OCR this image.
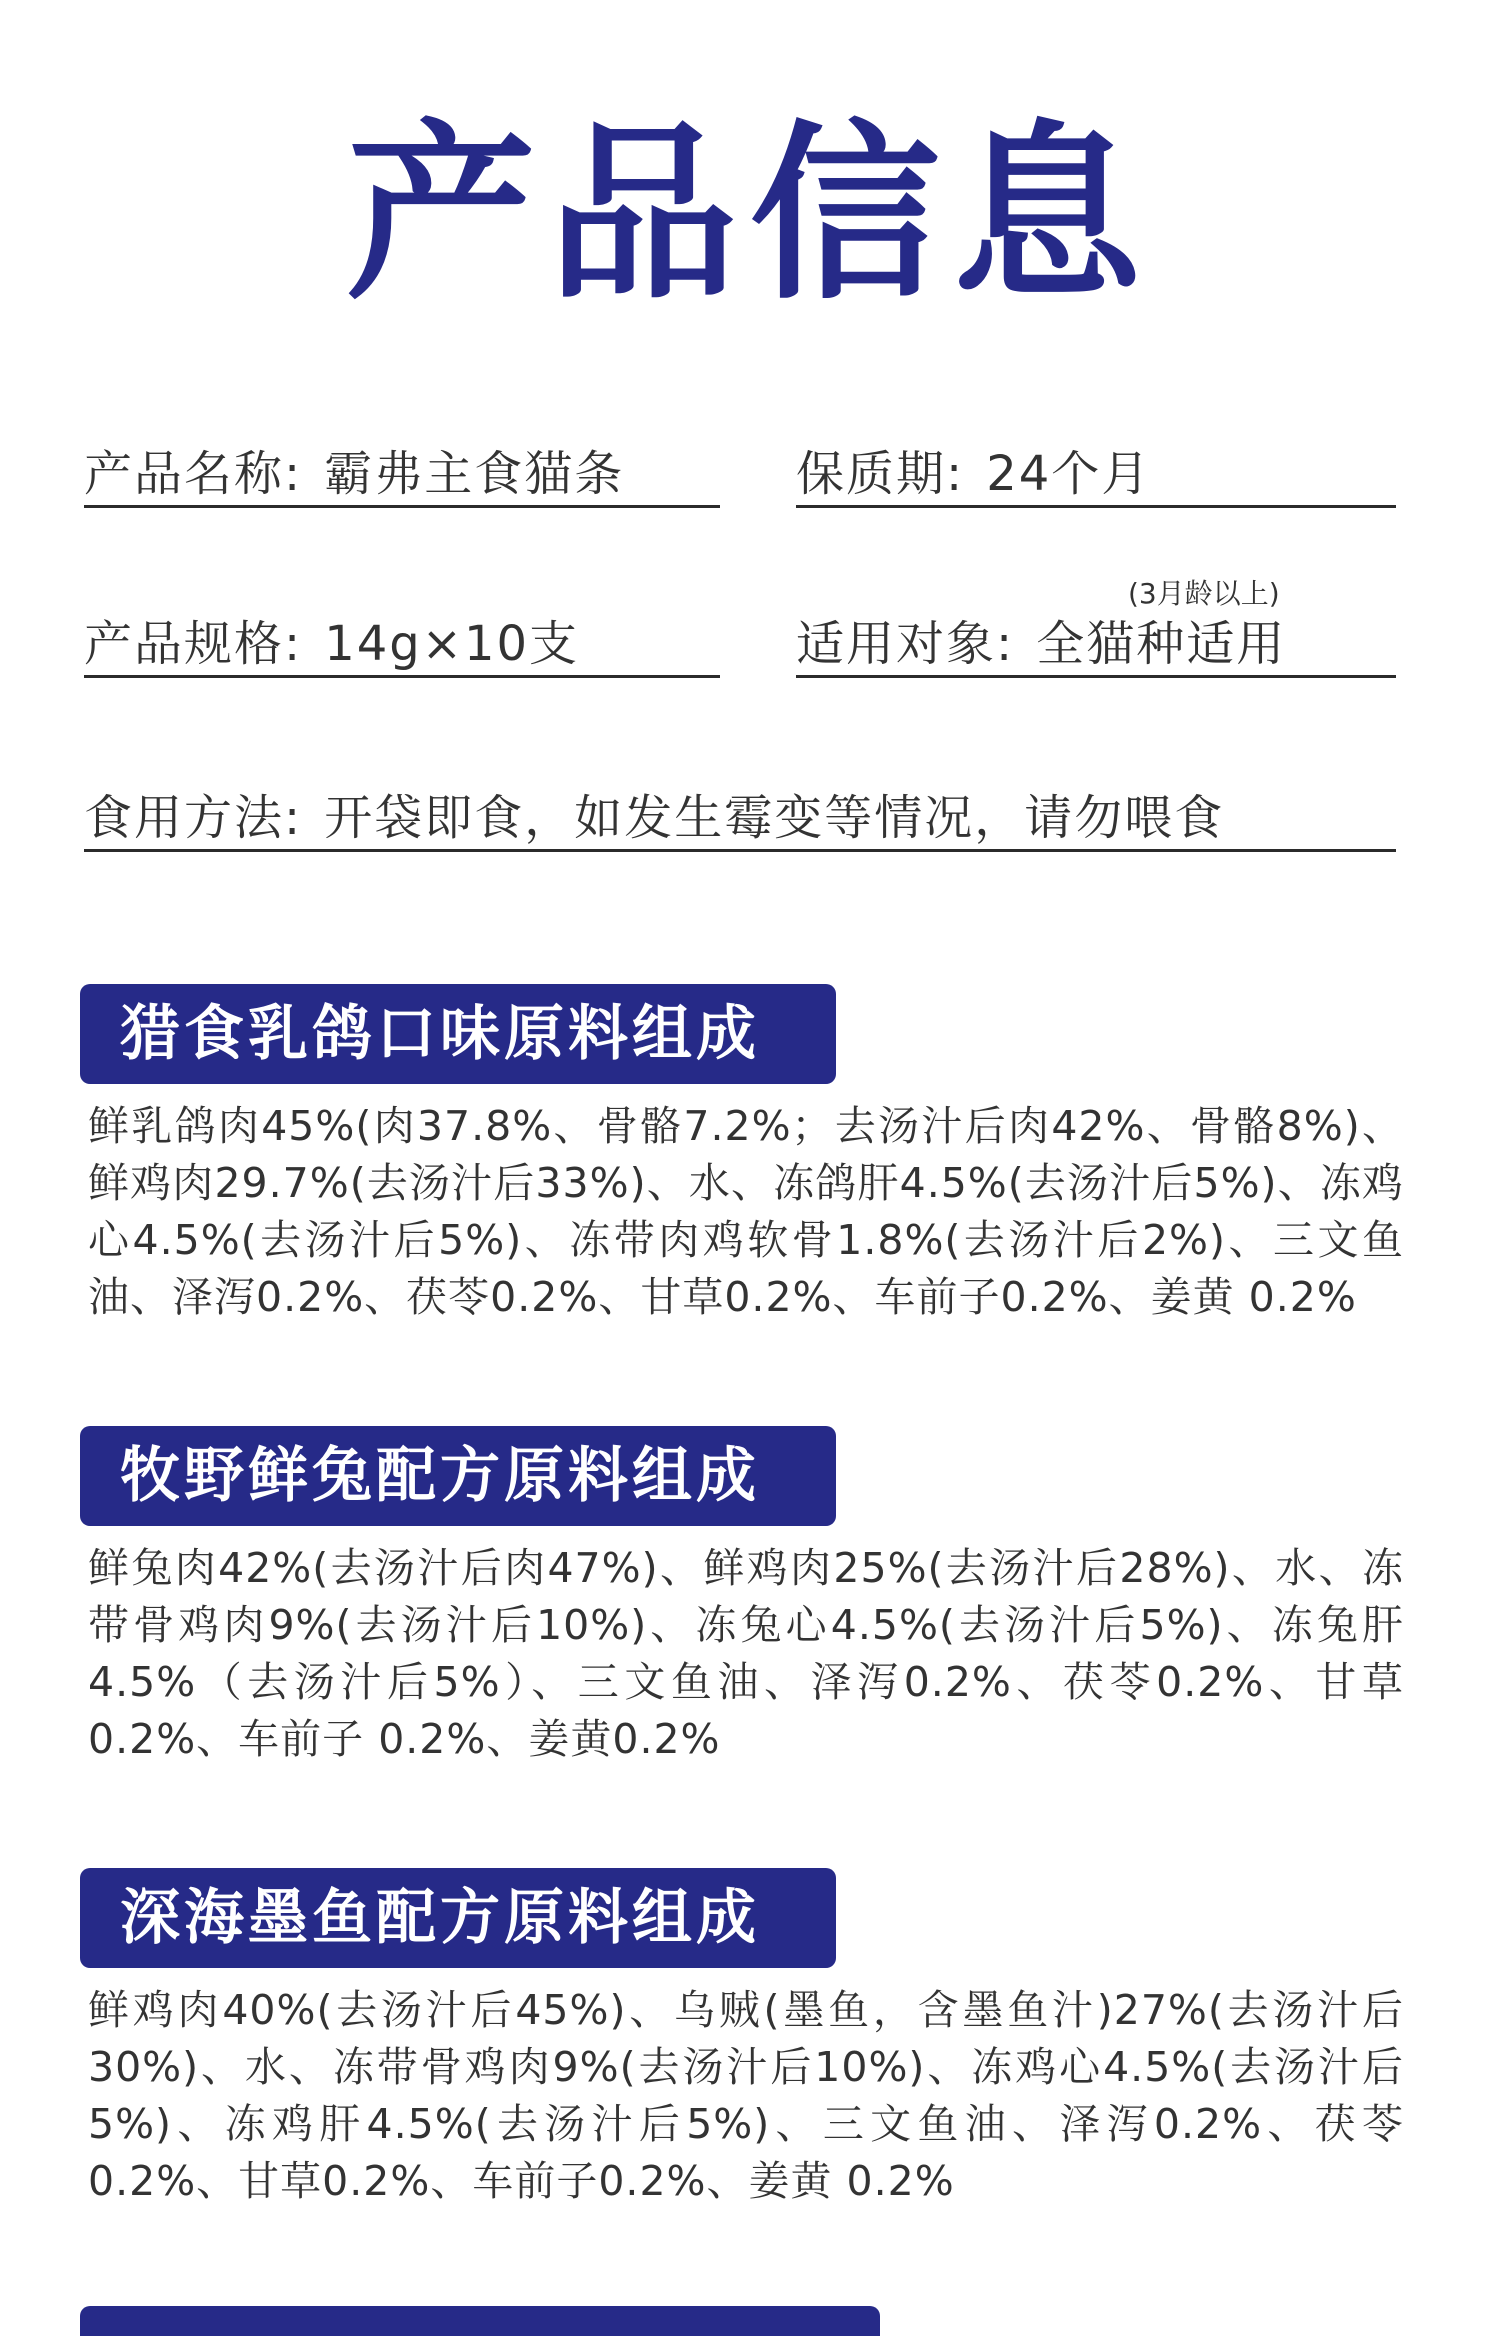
产品信息
产品名称: 霸弗主食猫条	保质期: 24个月
产品规格: 14g×10支
(3月龄以上)
适用对象: 全猫种适用
食用方法: 开袋即食，如发生霉变等情况，请勿喂食
猎食乳鸽口味原料组成

鲜乳鸽肉45%(肉37.8%、骨骼7.2%；去汤汁后肉42%、骨骼8%)、鲜鸡肉29.7%(去汤汁后33%)、水、冻鸽肝4.5%(去汤汁后5%)、冻鸡心4.5%(去汤汁后5%)、冻带肉鸡软骨1.8%(去汤汁后2%)、三文鱼油、泽泻0.2%、茯苓0.2%、甘草0.2%、车前子0.2%、姜黄 0.2%

牧野鲜兔配方原料组成

鲜兔肉42%(去汤汁后肉47%)、鲜鸡肉25%(去汤汁后28%)、水、冻带骨鸡肉9%(去汤汁后10%)、冻兔心4.5%(去汤汁后5%)、冻兔肝4.5%（去汤汁后5%）、三文鱼油、泽泻0.2%、茯苓0.2%、甘草0.2%、车前子 0.2%、姜黄0.2%

深海墨鱼配方原料组成

鲜鸡肉40%(去汤汁后45%)、乌贼(墨鱼，含墨鱼汁)27%(去汤汁后30%)、水、冻带骨鸡肉9%(去汤汁后10%)、冻鸡心4.5%(去汤汁后5%)、冻鸡肝4.5%(去汤汁后5%)、三文鱼油、泽泻0.2%、茯苓0.2%、甘草0.2%、车前子0.2%、姜黄 0.2%
